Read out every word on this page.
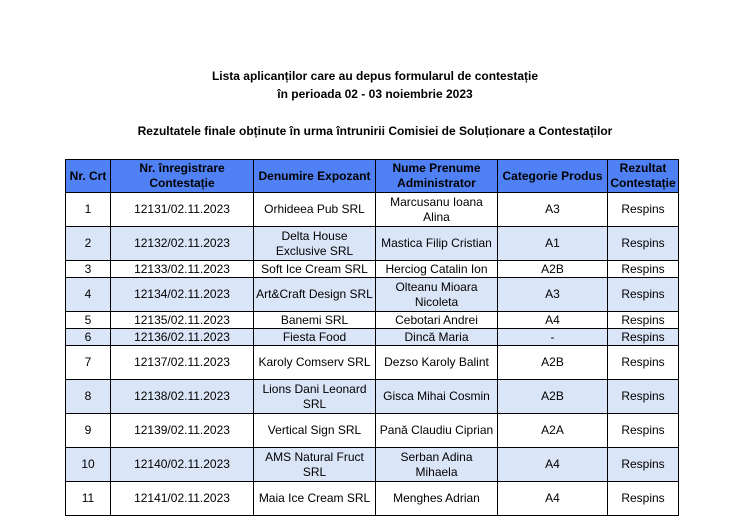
Lista aplicanților care au depus formularul de contestație
în perioada 02 - 03 noiembrie 2023
Rezultatele finale obținute în urma întrunirii Comisiei de Soluționare a Contestaților
Nr. Crt	Nr. înregistrare Contestație	Denumire Expozant	Nume Prenume Administrator	Categorie Produs	Rezultat Contestație
1	12131/02.11.2023	Orhideea Pub SRL	Marcusanu Ioana Alina	A3	Respins
2	12132/02.11.2023	Delta House Exclusive SRL	Mastica Filip Cristian	A1	Respins
3	12133/02.11.2023	Soft Ice Cream SRL	Herciog Catalin Ion	A2B	Respins
4	12134/02.11.2023	Art&Craft Design SRL	Olteanu Mioara Nicoleta	A3	Respins
5	12135/02.11.2023	Banemi SRL	Cebotari Andrei	A4	Respins
6	12136/02.11.2023	Fiesta Food	Dincă Maria	-	Respins
7	12137/02.11.2023	Karoly Comserv SRL	Dezso Karoly Balint	A2B	Respins
8	12138/02.11.2023	Lions Dani Leonard SRL	Gisca Mihai Cosmin	A2B	Respins
9	12139/02.11.2023	Vertical Sign SRL	Pană Claudiu Ciprian	A2A	Respins
10	12140/02.11.2023	AMS Natural Fruct SRL	Serban Adina Mihaela	A4	Respins
11	12141/02.11.2023	Maia Ice Cream SRL	Menghes Adrian	A4	Respins
